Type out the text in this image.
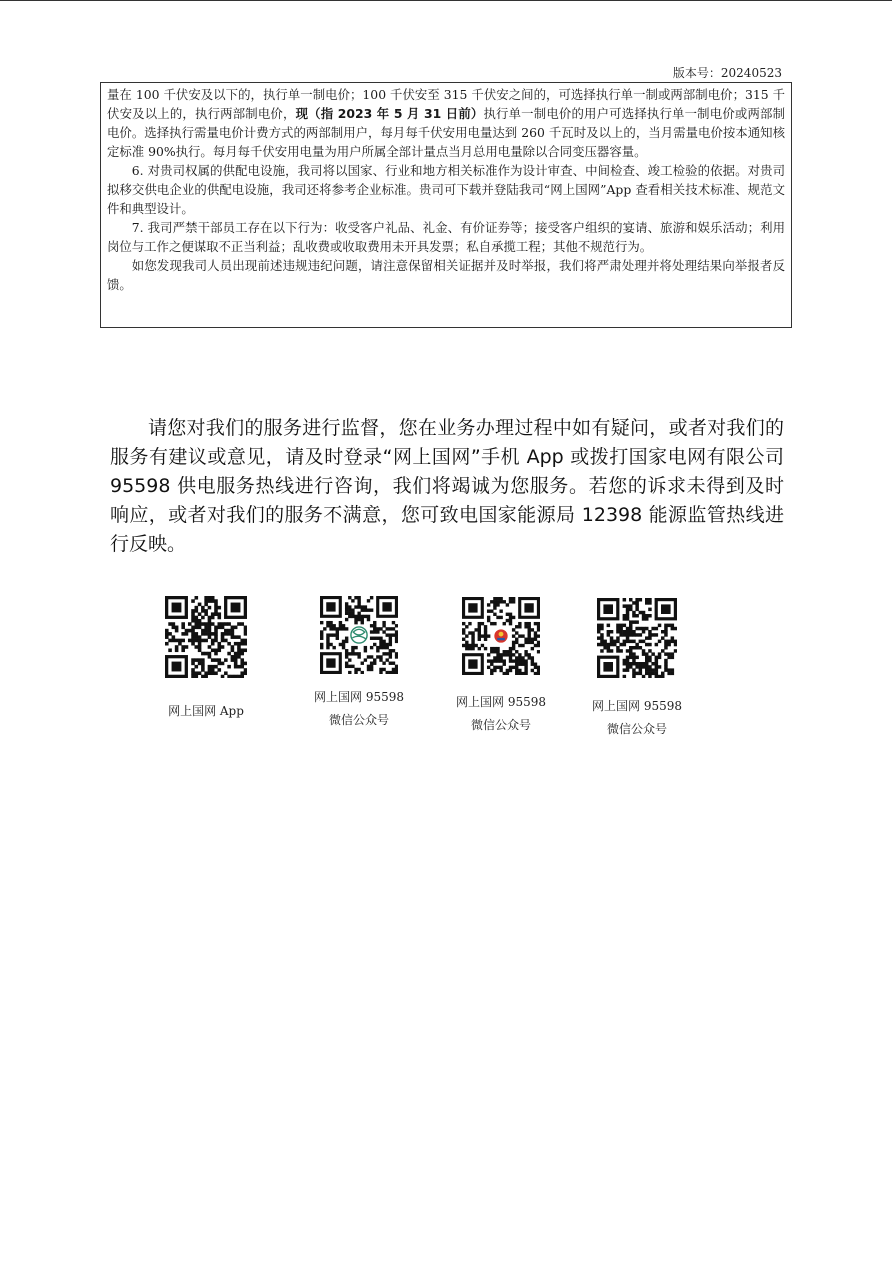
版本号：20240523

量在 100 千伏安及以下的，执行单一制电价；100 千伏安至 315 千伏安之间的，可选择执行单一制或两部制电价；315 千伏安及以上的，执行两部制电价，现（指 2023 年 5 月 31 日前）执行单一制电价的用户可选择执行单一制电价或两部制电价。选择执行需量电价计费方式的两部制用户，每月每千伏安用电量达到 260 千瓦时及以上的，当月需量电价按本通知核定标准 90%执行。每月每千伏安用电量为用户所属全部计量点当月总用电量除以合同变压器容量。

6. 对贵司权属的供配电设施，我司将以国家、行业和地方相关标准作为设计审查、中间检查、竣工检验的依据。对贵司拟移交供电企业的供配电设施，我司还将参考企业标准。贵司可下载并登陆我司“网上国网”App 查看相关技术标准、规范文件和典型设计。

7. 我司严禁干部员工存在以下行为：收受客户礼品、礼金、有价证券等；接受客户组织的宴请、旅游和娱乐活动；利用岗位与工作之便谋取不正当利益；乱收费或收取费用未开具发票；私自承揽工程；其他不规范行为。

如您发现我司人员出现前述违规违纪问题，请注意保留相关证据并及时举报，我们将严肃处理并将处理结果向举报者反馈。

请您对我们的服务进行监督，您在业务办理过程中如有疑问，或者对我们的服务有建议或意见，请及时登录“网上国网”手机 App 或拨打国家电网有限公司 95598 供电服务热线进行咨询，我们将竭诚为您服务。若您的诉求未得到及时响应，或者对我们的服务不满意，您可致电国家能源局 12398 能源监管热线进行反映。

网上国网 App
网上国网 95598
微信公众号
网上国网 95598
微信公众号
网上国网 95598
微信公众号
